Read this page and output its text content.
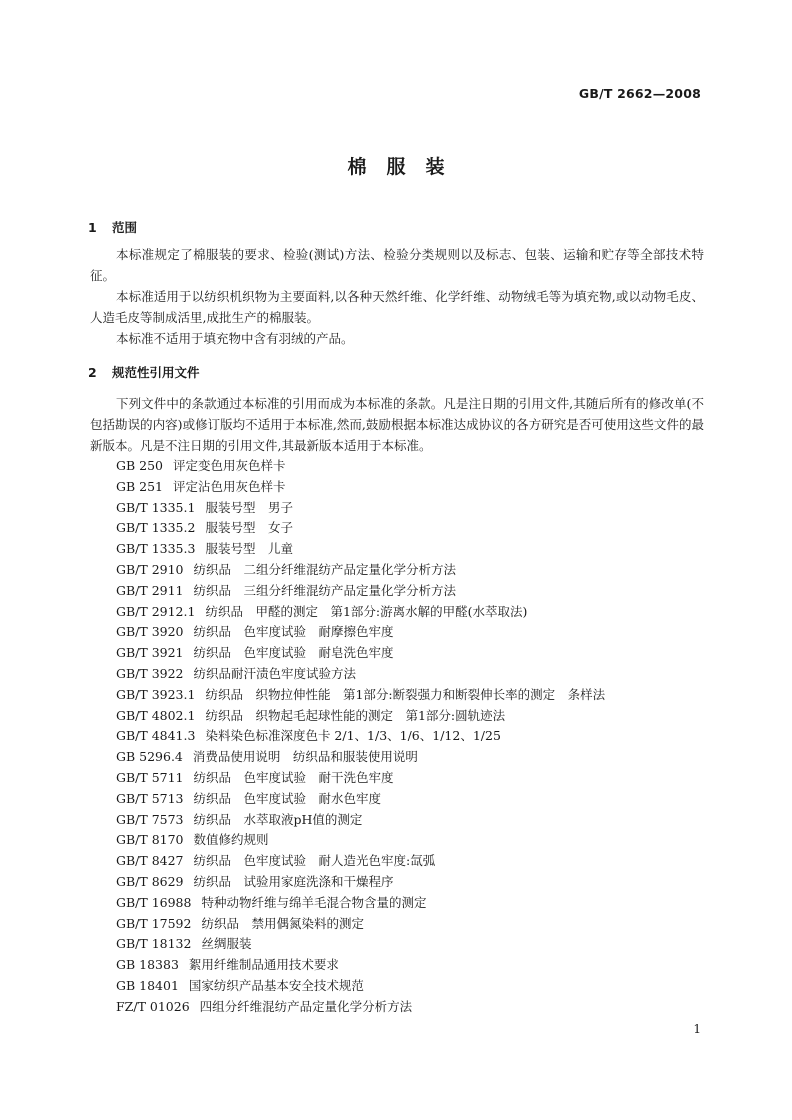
GB/T 2662—2008
棉服装
1 范围

本标准规定了棉服装的要求、检验(测试)方法、检验分类规则以及标志、包装、运输和贮存等全部技术特征。

本标准适用于以纺织机织物为主要面料,以各种天然纤维、化学纤维、动物绒毛等为填充物,或以动物毛皮、人造毛皮等制成活里,成批生产的棉服装。

本标准不适用于填充物中含有羽绒的产品。

2 规范性引用文件

下列文件中的条款通过本标准的引用而成为本标准的条款。凡是注日期的引用文件,其随后所有的修改单(不包括勘误的内容)或修订版均不适用于本标准,然而,鼓励根据本标准达成协议的各方研究是否可使用这些文件的最新版本。凡是不注日期的引用文件,其最新版本适用于本标准。

GB 250 评定变色用灰色样卡
GB 251 评定沾色用灰色样卡
GB/T 1335.1 服装号型　男子
GB/T 1335.2 服装号型　女子
GB/T 1335.3 服装号型　儿童
GB/T 2910 纺织品　二组分纤维混纺产品定量化学分析方法
GB/T 2911 纺织品　三组分纤维混纺产品定量化学分析方法
GB/T 2912.1 纺织品　甲醛的测定　第1部分:游离水解的甲醛(水萃取法)
GB/T 3920 纺织品　色牢度试验　耐摩擦色牢度
GB/T 3921 纺织品　色牢度试验　耐皂洗色牢度
GB/T 3922 纺织品耐汗渍色牢度试验方法
GB/T 3923.1 纺织品　织物拉伸性能　第1部分:断裂强力和断裂伸长率的测定　条样法
GB/T 4802.1 纺织品　织物起毛起球性能的测定　第1部分:圆轨迹法
GB/T 4841.3 染料染色标准深度色卡 2/1、1/3、1/6、1/12、1/25
GB 5296.4 消费品使用说明　纺织品和服装使用说明
GB/T 5711 纺织品　色牢度试验　耐干洗色牢度
GB/T 5713 纺织品　色牢度试验　耐水色牢度
GB/T 7573 纺织品　水萃取液pH值的测定
GB/T 8170 数值修约规则
GB/T 8427 纺织品　色牢度试验　耐人造光色牢度:氙弧
GB/T 8629 纺织品　试验用家庭洗涤和干燥程序
GB/T 16988 特种动物纤维与绵羊毛混合物含量的测定
GB/T 17592 纺织品　禁用偶氮染料的测定
GB/T 18132 丝绸服装
GB 18383 絮用纤维制品通用技术要求
GB 18401 国家纺织产品基本安全技术规范
FZ/T 01026 四组分纤维混纺产品定量化学分析方法
1
